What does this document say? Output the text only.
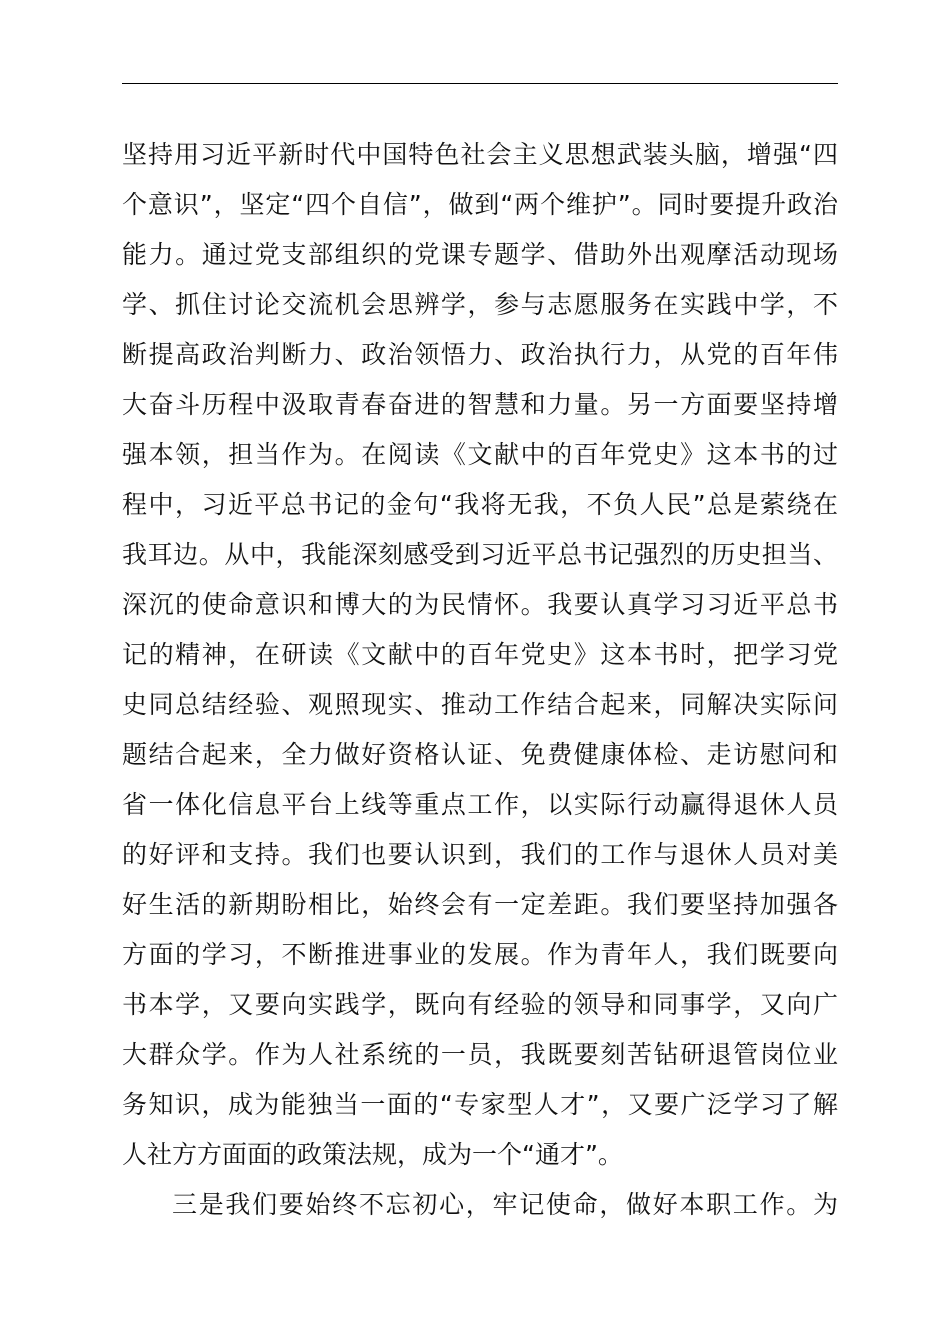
坚持用习近平新时代中国特色社会主义思想武装头脑，增强“四
个意识”，坚定“四个自信”，做到“两个维护”。同时要提升政治
能力。通过党支部组织的党课专题学、借助外出观摩活动现场
学、抓住讨论交流机会思辨学，参与志愿服务在实践中学，不
断提高政治判断力、政治领悟力、政治执行力，从党的百年伟
大奋斗历程中汲取青春奋进的智慧和力量。另一方面要坚持增
强本领，担当作为。在阅读《文献中的百年党史》这本书的过
程中，习近平总书记的金句“我将无我，不负人民”总是萦绕在
我耳边。从中，我能深刻感受到习近平总书记强烈的历史担当、
深沉的使命意识和博大的为民情怀。我要认真学习习近平总书
记的精神，在研读《文献中的百年党史》这本书时，把学习党
史同总结经验、观照现实、推动工作结合起来，同解决实际问
题结合起来，全力做好资格认证、免费健康体检、走访慰问和
省一体化信息平台上线等重点工作，以实际行动赢得退休人员
的好评和支持。我们也要认识到，我们的工作与退休人员对美
好生活的新期盼相比，始终会有一定差距。我们要坚持加强各
方面的学习，不断推进事业的发展。作为青年人，我们既要向
书本学，又要向实践学，既向有经验的领导和同事学，又向广
大群众学。作为人社系统的一员，我既要刻苦钻研退管岗位业
务知识，成为能独当一面的“专家型人才”，又要广泛学习了解
人社方方面面的政策法规，成为一个“通才”。
三是我们要始终不忘初心，牢记使命，做好本职工作。为
